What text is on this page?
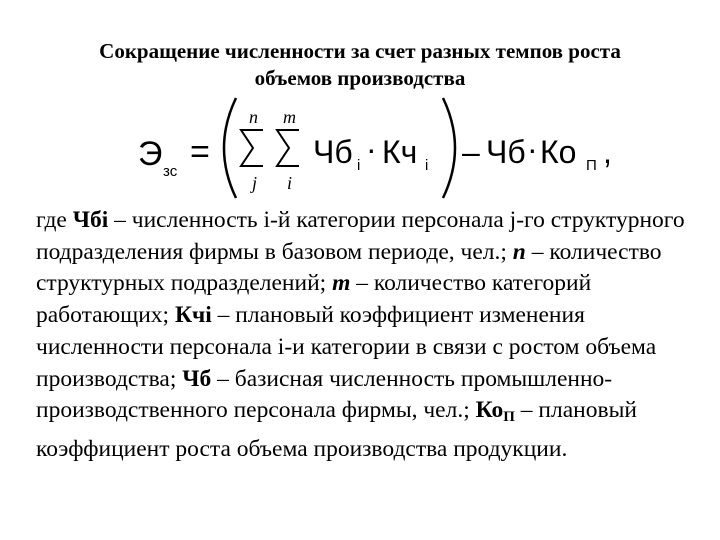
Сокращение численности за счет разных темпов роста
объемов производства
Э зс
=
n
j
m
i
Чб i · Кч i – Чб · Ко П ,
где Чбi – численность i-й категории персонала j-го структурного подразделения фирмы в базовом периоде, чел.; n – количество структурных подразделений; m – количество категорий работающих; Кчi – плановый коэффициент изменения численности персонала i-и категории в связи с ростом объема производства; Чб – базисная численность промышленно-производственного персонала фирмы, чел.; $Ко_П$ – плановый коэффициент роста объема производства продукции.
